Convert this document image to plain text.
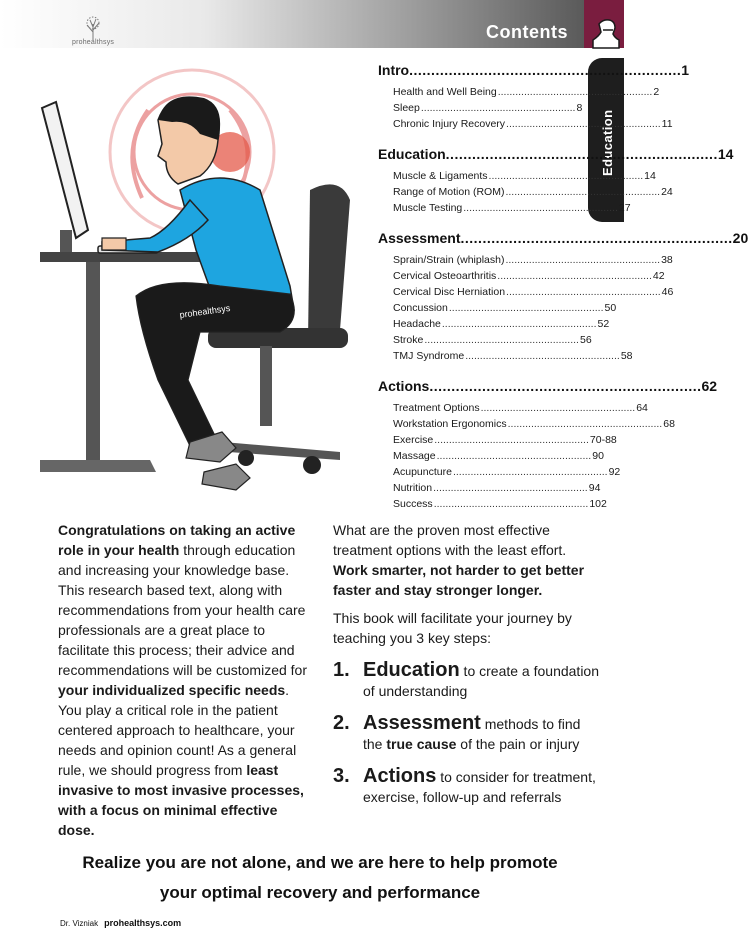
prohealthsys
Contents
Education
prohealthsys
Intro .............................................................. 1
Health and Well Being ..................................................... 2
Sleep ..................................................... 8
Chronic Injury Recovery ..................................................... 11
Education .............................................................. 14
Muscle & Ligaments ..................................................... 14
Range of Motion (ROM) ..................................................... 24
Muscle Testing ..................................................... 27
Assessment .............................................................. 20
Sprain/Strain (whiplash) ..................................................... 38
Cervical Osteoarthritis ..................................................... 42
Cervical Disc Herniation ..................................................... 46
Concussion ..................................................... 50
Headache ..................................................... 52
Stroke ..................................................... 56
TMJ Syndrome ..................................................... 58
Actions .............................................................. 62
Treatment Options ..................................................... 64
Workstation Ergonomics ..................................................... 68
Exercise ..................................................... 70-88
Massage ..................................................... 90
Acupuncture ..................................................... 92
Nutrition ..................................................... 94
Success ..................................................... 102
Congratulations on taking an active role in your health through education and increasing your knowledge base. This research based text, along with recommendations from your health care professionals are a great place to facilitate this process; their advice and recommendations will be customized for your individualized specific needs. You play a critical role in the patient centered approach to healthcare, your needs and opinion count! As a general rule, we should progress from least invasive to most invasive processes, with a focus on minimal effective dose.
What are the proven most effective treatment options with the least effort. Work smarter, not harder to get better faster and stay stronger longer.
This book will facilitate your journey by teaching you 3 key steps:
1. Education to create a foundation of understanding
2. Assessment methods to find the true cause of the pain or injury
3. Actions to consider for treatment, exercise, follow-up and referrals
Realize you are not alone, and we are here to help promote
your optimal recovery and performance
Dr. Vizniak prohealthsys.com
